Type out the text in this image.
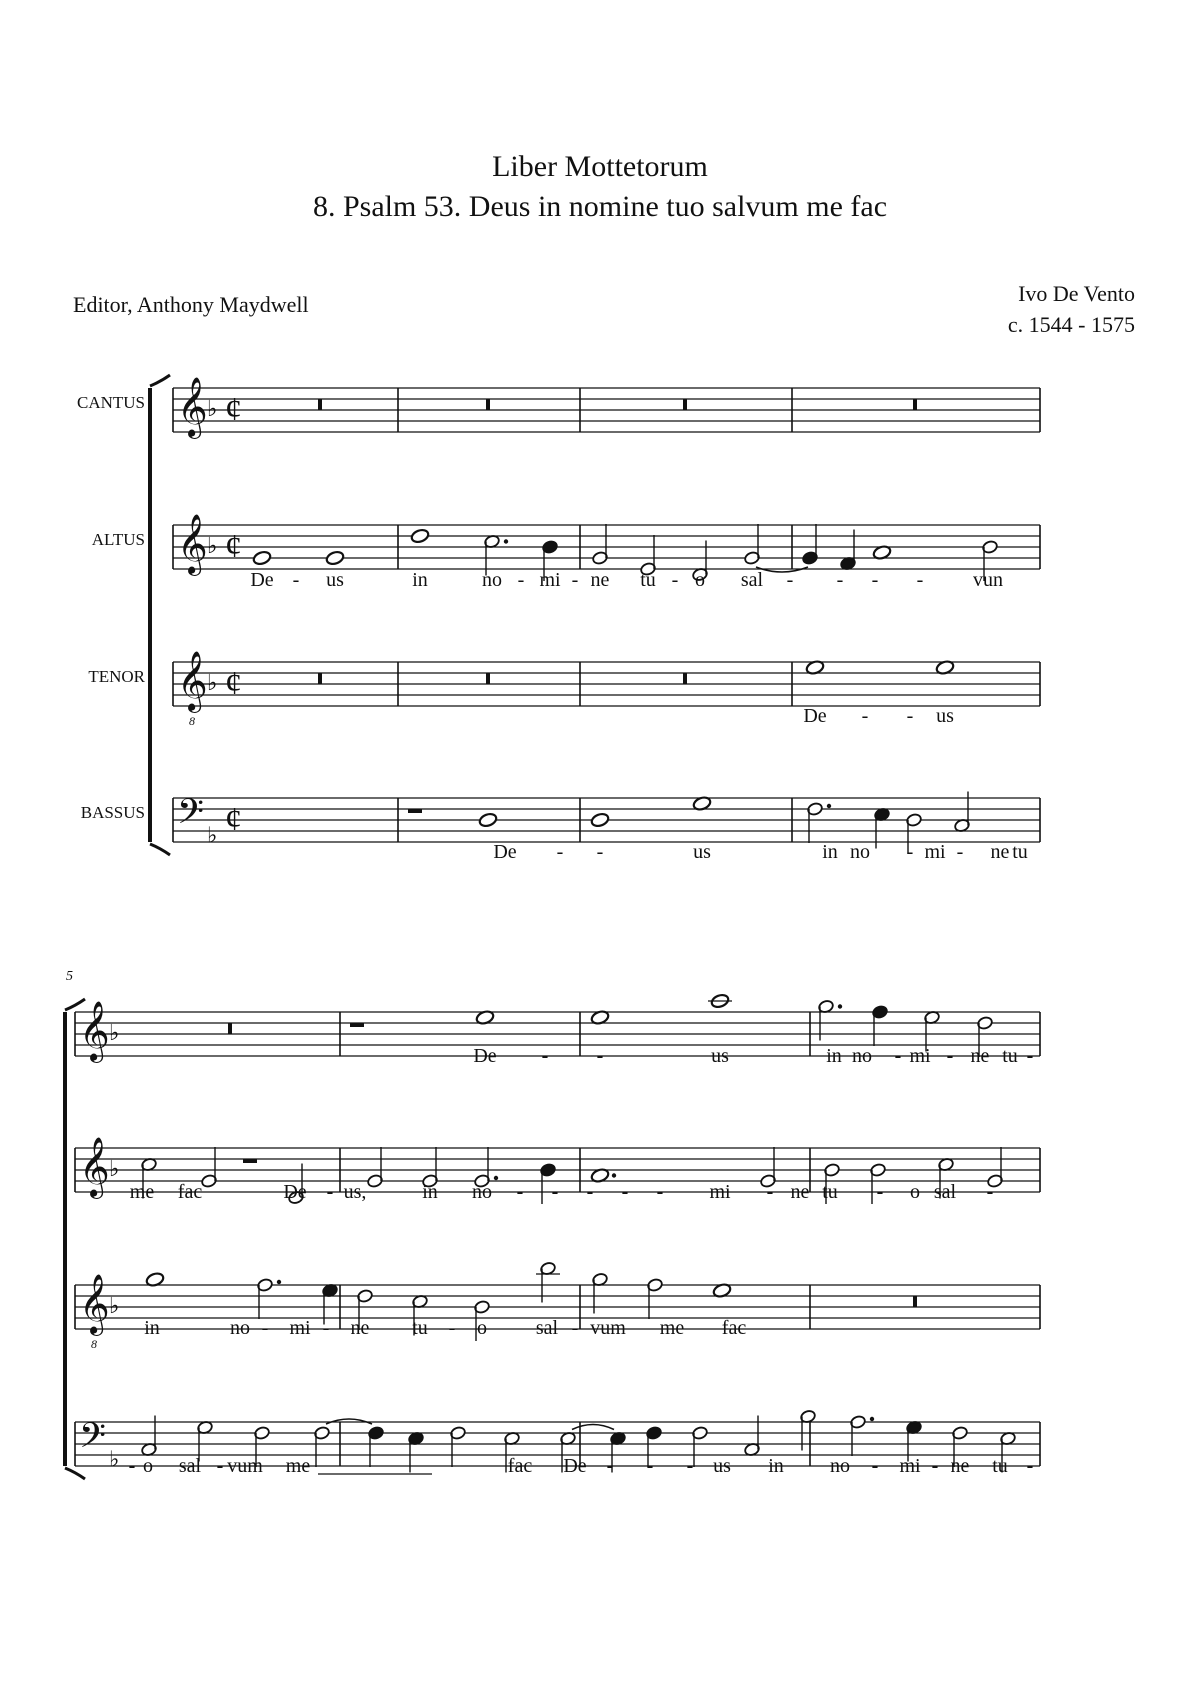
Liber Mottetorum
8. Psalm 53. Deus in nomine tuo salvum me fac
Editor, Anthony Maydwell	Ivo De Vento
c. 1544 - 1575
𝄞 ♭ ¢
𝄞 ♭ ¢
𝄞
8
♭ ¢
𝄢 ♭ ¢
𝄞 ♭
𝄞 ♭
𝄞
8
♭
𝄢 ♭
CANTUS
ALTUS
TENOR
BASSUS
De - us	in	no - mi - ne tu - o sal - - - - vun
De - - us
De - -	us	in no - mi - ne tu
5
De - -	us	in no - mi - ne tu -
me fac	De - us,	in no - - - - - mi - ne tu - o sal -
in	no - mi - ne tu - o sal - vum me fac
- o sal - vum me	fac De - - - us in no - mi - ne tu -
